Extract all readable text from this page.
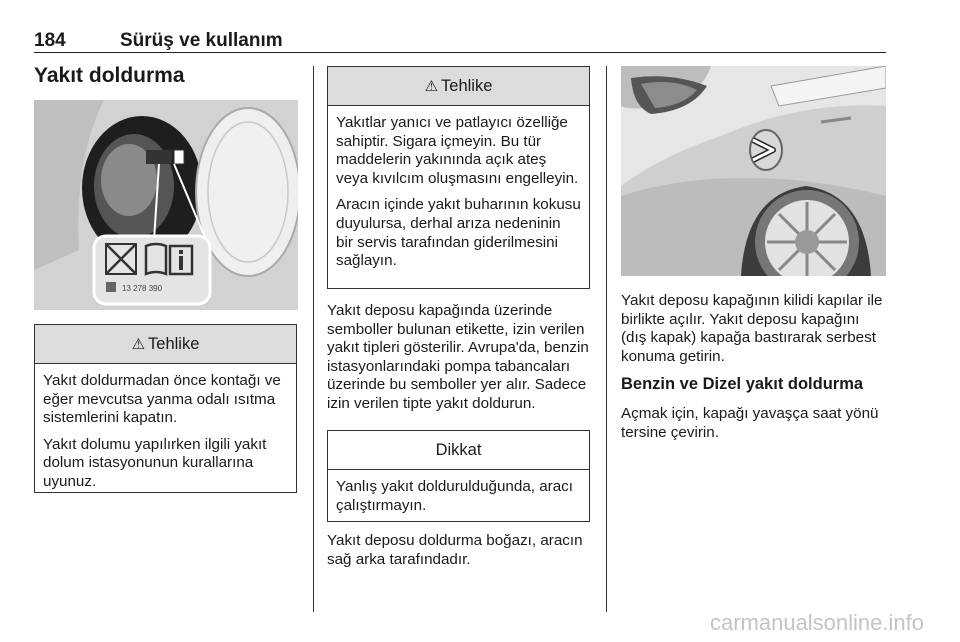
184	Sürüş ve kullanım
Yakıt doldurma
13 278 390
⚠ Tehlike

Yakıt doldurmadan önce kontağı ve eğer mevcutsa yanma odalı ısıtma sistemlerini kapatın.

Yakıt dolumu yapılırken ilgili yakıt dolum istasyonunun kurallarına uyunuz.

⚠ Tehlike

Yakıtlar yanıcı ve patlayıcı özelliğe sahiptir. Sigara içmeyin. Bu tür maddelerin yakınında açık ateş veya kıvılcım oluşmasını engelleyin.

Aracın içinde yakıt buharının kokusu duyulursa, derhal arıza nedeninin bir servis tarafından giderilmesini sağlayın.

Yakıt deposu kapağında üzerinde semboller bulunan etikette, izin verilen yakıt tipleri gösterilir. Avrupa'da, benzin istasyonlarındaki pompa tabancaları üzerinde bu semboller yer alır. Sadece izin verilen tipte yakıt doldurun.

Dikkat

Yanlış yakıt doldurulduğunda, aracı çalıştırmayın.

Yakıt deposu doldurma boğazı, aracın sağ arka tarafındadır.

Yakıt deposu kapağının kilidi kapılar ile birlikte açılır. Yakıt deposu kapağını (dış kapak) kapağa bastırarak serbest konuma getirin.

Benzin ve Dizel yakıt doldurma

Açmak için, kapağı yavaşça saat yönü tersine çevirin.

carmanualsonline.info
